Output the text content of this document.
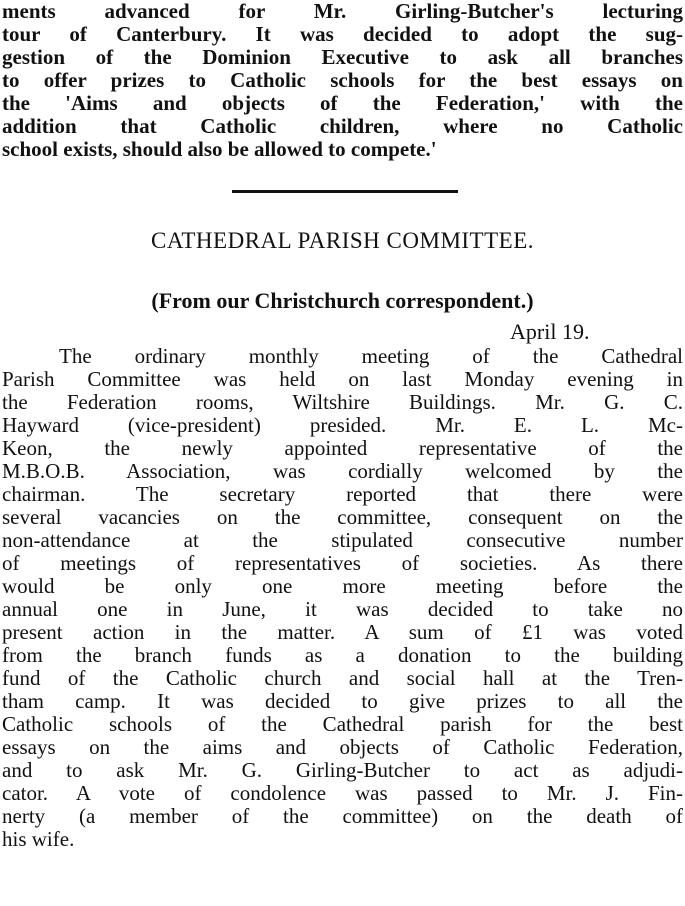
ments advanced for Mr. Girling-Butcher's lecturing
tour of Canterbury. It was decided to adopt the sug-
gestion of the Dominion Executive to ask all branches
to offer prizes to Catholic schools for the best essays on
the 'Aims and objects of the Federation,' with the
addition that Catholic children, where no Catholic
school exists, should also be allowed to compete.'
CATHEDRAL PARISH COMMITTEE.
(From our Christchurch correspondent.)
April 19.
The ordinary monthly meeting of the Cathedral
Parish Committee was held on last Monday evening in
the Federation rooms, Wiltshire Buildings. Mr. G. C.
Hayward (vice-president) presided. Mr. E. L. Mc-
Keon, the newly appointed representative of the
M.B.O.B. Association, was cordially welcomed by the
chairman. The secretary reported that there were
several vacancies on the committee, consequent on the
non-attendance at the stipulated consecutive number
of meetings of representatives of societies. As there
would be only one more meeting before the
annual one in June, it was decided to take no
present action in the matter. A sum of £1 was voted
from the branch funds as a donation to the building
fund of the Catholic church and social hall at the Tren-
tham camp. It was decided to give prizes to all the
Catholic schools of the Cathedral parish for the best
essays on the aims and objects of Catholic Federation,
and to ask Mr. G. Girling-Butcher to act as adjudi-
cator. A vote of condolence was passed to Mr. J. Fin-
nerty (a member of the committee) on the death of
his wife.
